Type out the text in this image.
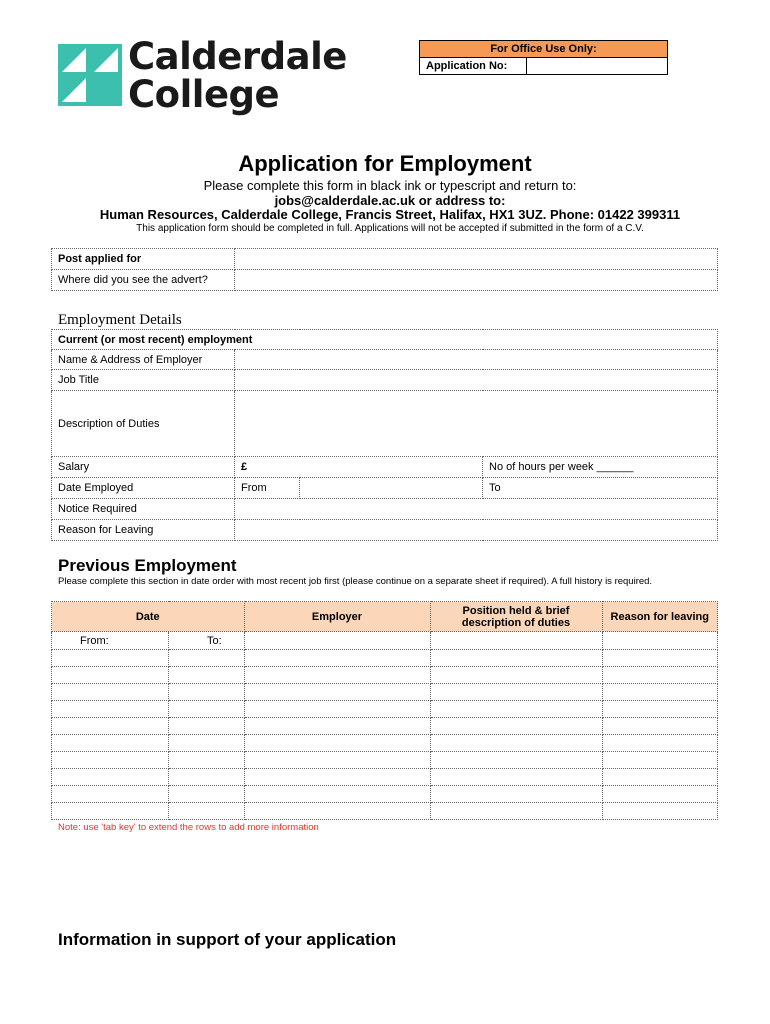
Calderdale
College
For Office Use Only:
Application No:
Application for Employment
Please complete this form in black ink or typescript and return to:
jobs@calderdale.ac.uk or address to:
Human Resources, Calderdale College, Francis Street, Halifax, HX1 3UZ. Phone: 01422 399311
This application form should be completed in full. Applications will not be accepted if submitted in the form of a C.V.
Post applied for	
Where did you see the advert?	
Employment Details
Current (or most recent) employment			
Name & Address of Employer			
Job Title			
Description of Duties			
Salary	£		No of hours per week ______
Date Employed	From		To
Notice Required			
Reason for Leaving			
Previous Employment
Please complete this section in date order with most recent job first (please continue on a separate sheet if required). A full history is required.
Date		Employer	Position held & brief description of duties	Reason for leaving
From:	To:			

Note: use 'tab key' to extend the rows to add more information
Information in support of your application
